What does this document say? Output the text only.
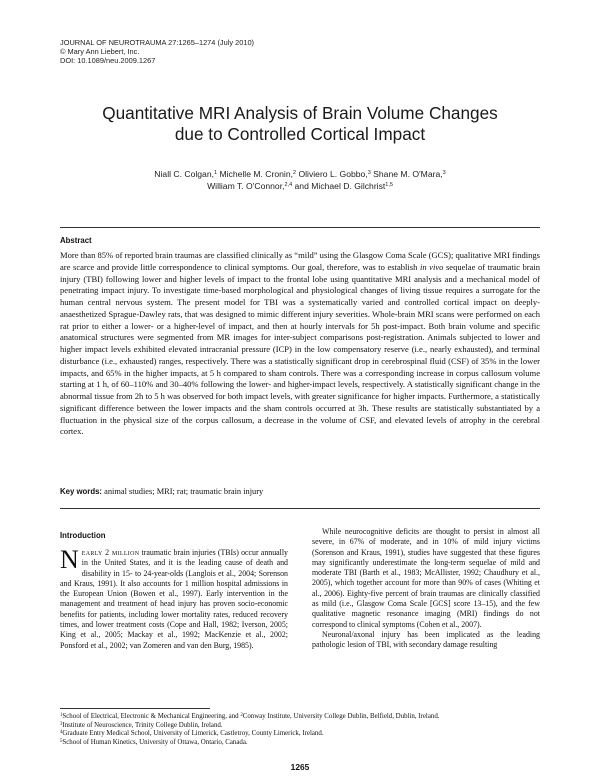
JOURNAL OF NEUROTRAUMA 27:1265–1274 (July 2010)
© Mary Ann Liebert, Inc.
DOI: 10.1089/neu.2009.1267
Quantitative MRI Analysis of Brain Volume Changes
due to Controlled Cortical Impact
Niall C. Colgan,$^1$ Michelle M. Cronin,$^2$ Oliviero L. Gobbo,$^3$ Shane M. O'Mara,$^3$
William T. O'Connor,$^{2,4}$ and Michael D. Gilchrist$^{1,5}$
Abstract
More than 85% of reported brain traumas are classified clinically as “mild” using the Glasgow Coma Scale (GCS); qualitative MRI findings are scarce and provide little correspondence to clinical symptoms. Our goal, therefore, was to establish in vivo sequelae of traumatic brain injury (TBI) following lower and higher levels of impact to the frontal lobe using quantitative MRI analysis and a mechanical model of penetrating impact injury. To investigate time-based morphological and physiological changes of living tissue requires a surrogate for the human central nervous system. The present model for TBI was a systematically varied and controlled cortical impact on deeply-anaesthetized Sprague-Dawley rats, that was designed to mimic different injury severities. Whole-brain MRI scans were performed on each rat prior to either a lower- or a higher-level of impact, and then at hourly intervals for 5h post-impact. Both brain volume and specific anatomical structures were segmented from MR images for inter-subject comparisons post-registration. Animals subjected to lower and higher impact levels exhibited elevated intracranial pressure (ICP) in the low compensatory reserve (i.e., nearly exhausted), and terminal disturbance (i.e., exhausted) ranges, respectively. There was a statistically significant drop in cerebrospinal fluid (CSF) of 35% in the lower impacts, and 65% in the higher impacts, at 5 h compared to sham controls. There was a corresponding increase in corpus callosum volume starting at 1 h, of 60–110% and 30–40% following the lower- and higher-impact levels, respectively. A statistically significant change in the abnormal tissue from 2h to 5 h was observed for both impact levels, with greater significance for higher impacts. Furthermore, a statistically significant difference between the lower impacts and the sham controls occurred at 3h. These results are statistically substantiated by a fluctuation in the physical size of the corpus callosum, a decrease in the volume of CSF, and elevated levels of atrophy in the cerebral cortex.
Key words: animal studies; MRI; rat; traumatic brain injury
Introduction
Nearly 2 million traumatic brain injuries (TBIs) occur annually in the United States, and it is the leading cause of death and disability in 15- to 24-year-olds (Langlois et al., 2004; Sorenson and Kraus, 1991). It also accounts for 1 million hospital admissions in the European Union (Bowen et al., 1997). Early intervention in the management and treatment of head injury has proven socio-economic benefits for patients, including lower mortality rates, reduced recovery times, and lower treatment costs (Cope and Hall, 1982; Iverson, 2005; King et al., 2005; Mackay et al., 1992; MacKenzie et al., 2002; Ponsford et al., 2002; van Zomeren and van den Burg, 1985).
While neurocognitive deficits are thought to persist in almost all severe, in 67% of moderate, and in 10% of mild injury victims (Sorenson and Kraus, 1991), studies have suggested that these figures may significantly underestimate the long-term sequelae of mild and moderate TBI (Barth et al., 1983; McAllister, 1992; Chaudhury et al., 2005), which together account for more than 90% of cases (Whiting et al., 2006). Eighty-five percent of brain traumas are clinically classified as mild (i.e., Glasgow Coma Scale [GCS] score 13–15), and the few qualitative magnetic resonance imaging (MRI) findings do not correspond to clinical symptoms (Cohen et al., 2007).
Neuronal/axonal injury has been implicated as the leading pathologic lesion of TBI, with secondary damage resulting
$^1$School of Electrical, Electronic & Mechanical Engineering, and $^2$Conway Institute, University College Dublin, Belfield, Dublin, Ireland.
$^3$Institute of Neuroscience, Trinity College Dublin, Ireland.
$^4$Graduate Entry Medical School, University of Limerick, Castletroy, County Limerick, Ireland.
$^5$School of Human Kinetics, University of Ottawa, Ontario, Canada.
1265
